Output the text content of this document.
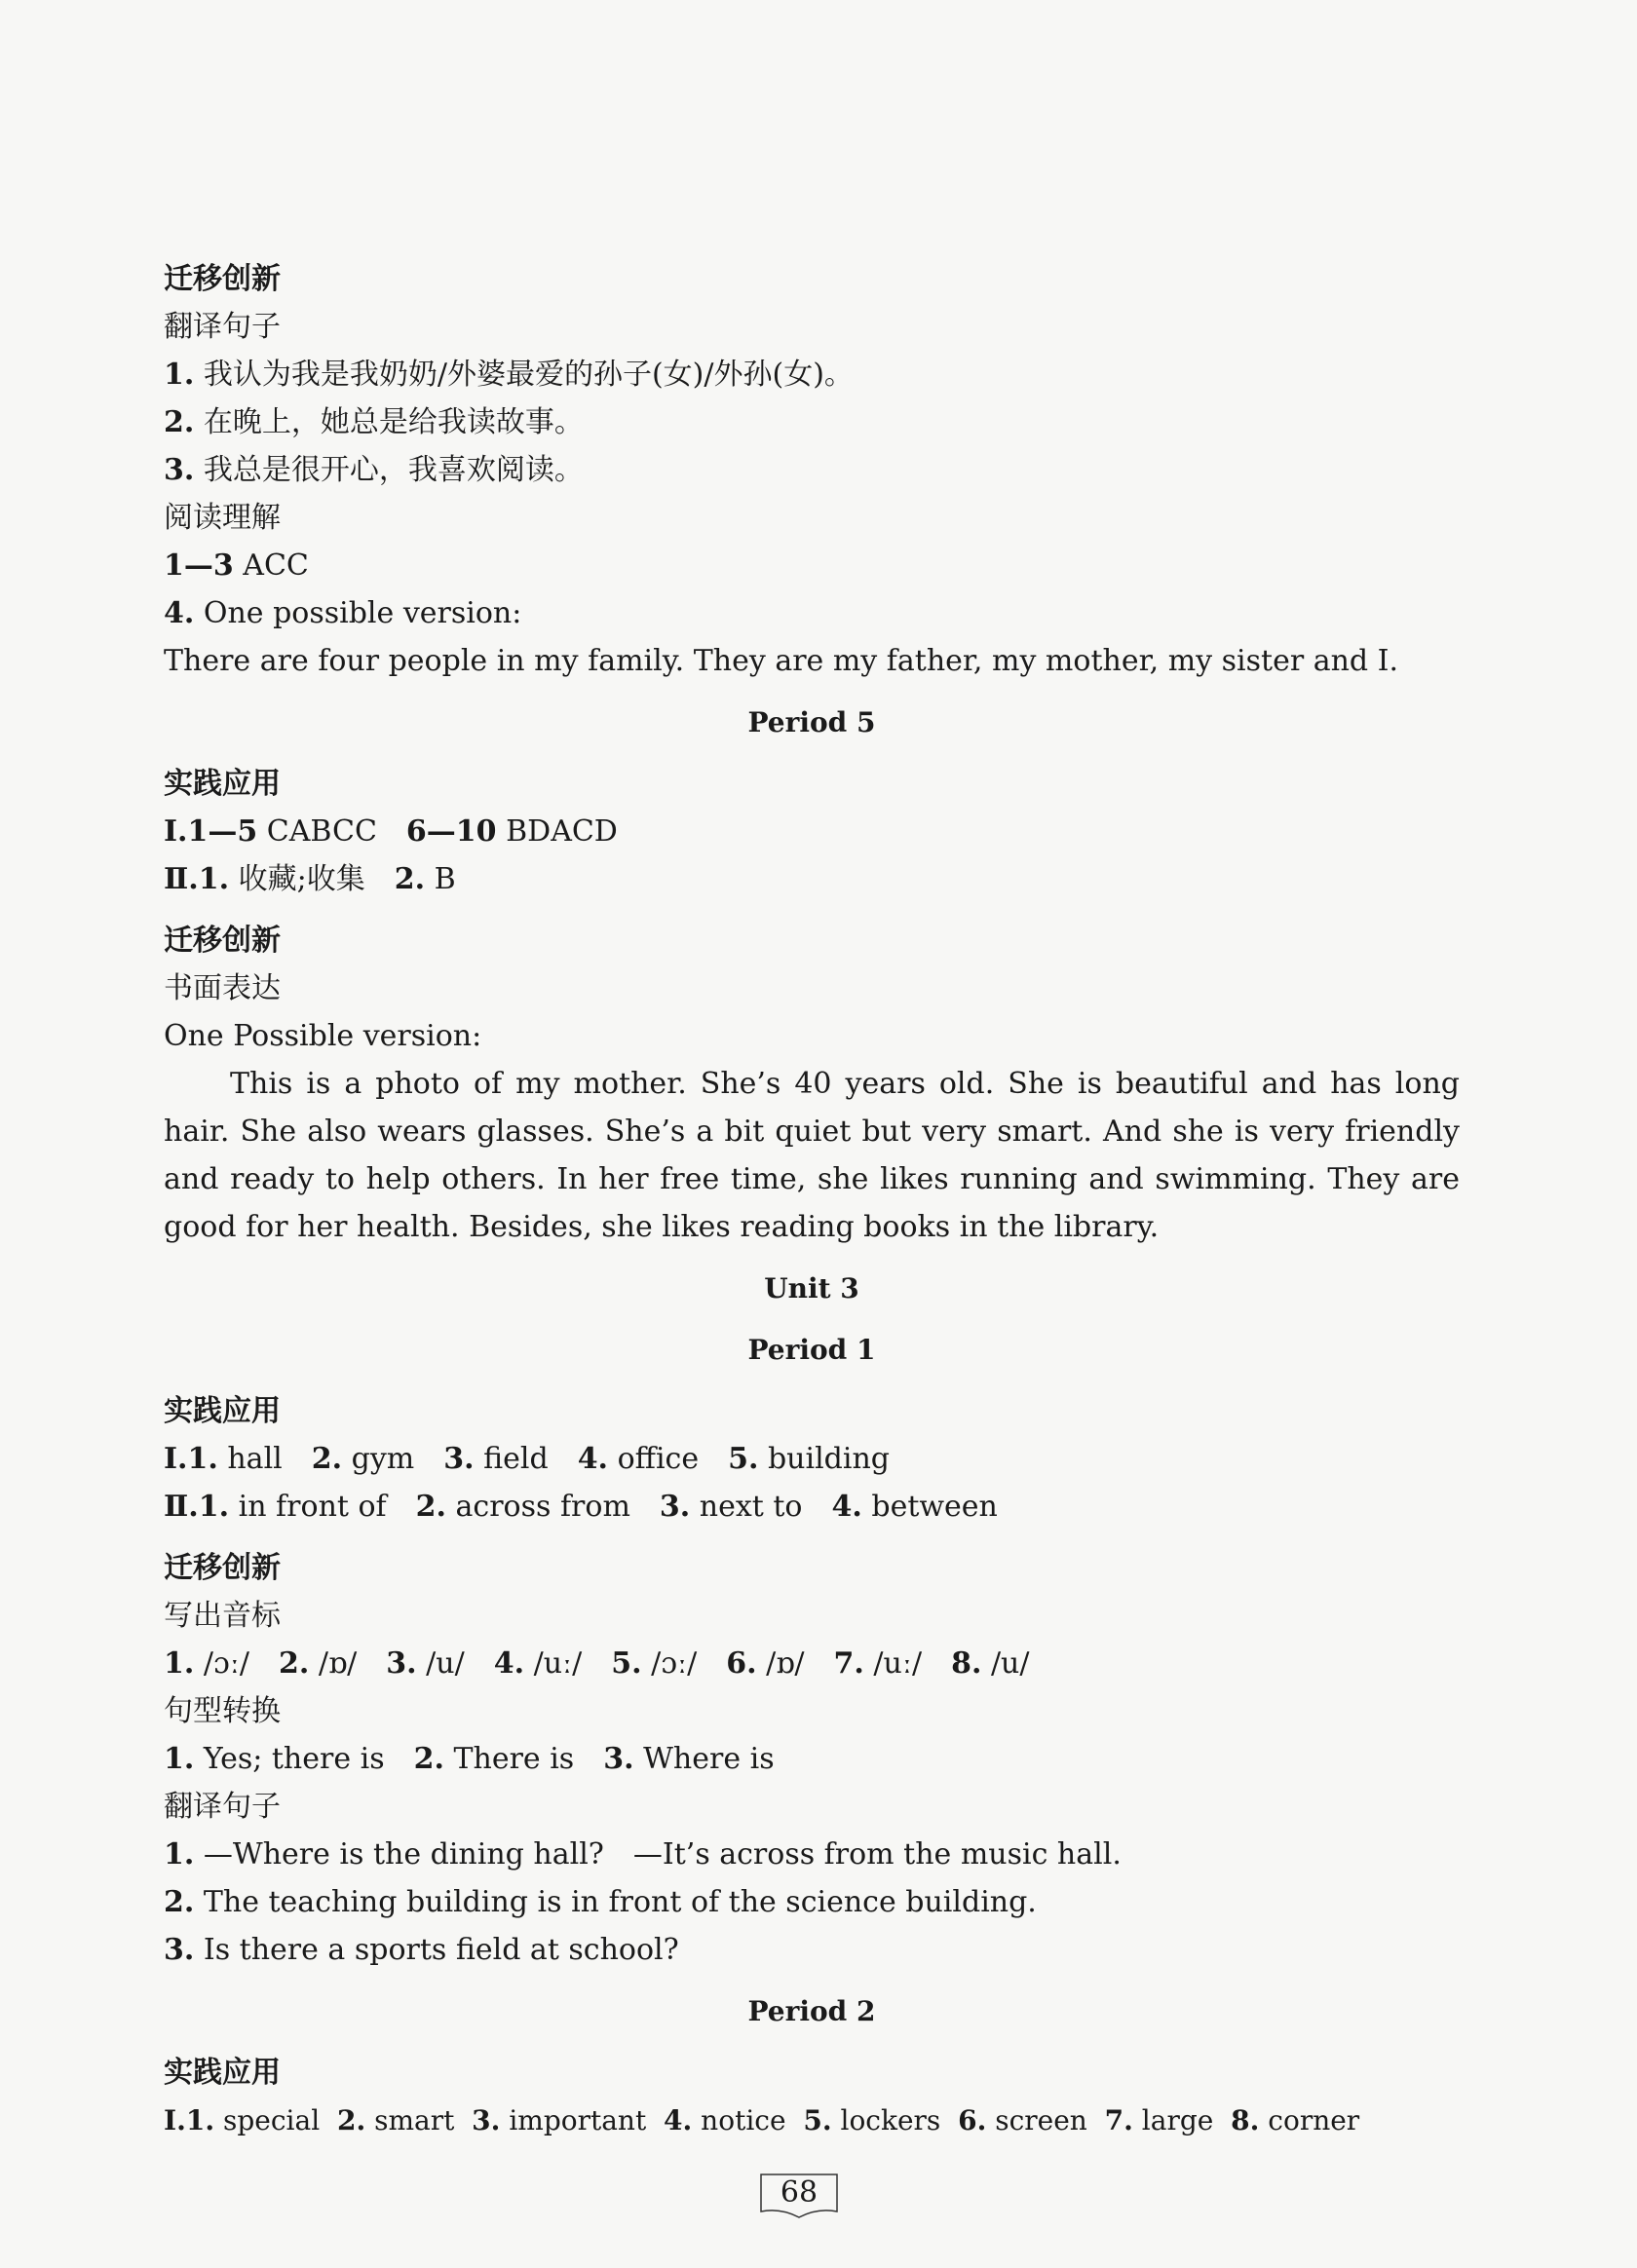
迁移创新
翻译句子
1. 我认为我是我奶奶/外婆最爱的孙子(女)/外孙(女)。
2. 在晚上，她总是给我读故事。
3. 我总是很开心，我喜欢阅读。
阅读理解
1—3 ACC
4. One possible version:
There are four people in my family. They are my father, my mother, my sister and I.
Period 5
实践应用
Ⅰ.1—5 CABCC 6—10 BDACD
Ⅱ.1. 收藏;收集 2. B
迁移创新
书面表达
One Possible version:
This is a photo of my mother. She’s 40 years old. She is beautiful and has long hair. She also wears glasses. She’s a bit quiet but very smart. And she is very friendly and ready to help others. In her free time, she likes running and swimming. They are good for her health. Besides, she likes reading books in the library.
Unit 3
Period 1
实践应用
Ⅰ.1. hall 2. gym 3. field 4. office 5. building
Ⅱ.1. in front of 2. across from 3. next to 4. between
迁移创新
写出音标
1. /ɔː/ 2. /ɒ/ 3. /u/ 4. /uː/ 5. /ɔː/ 6. /ɒ/ 7. /uː/ 8. /u/
句型转换
1. Yes; there is 2. There is 3. Where is
翻译句子
1. —Where is the dining hall? —It’s across from the music hall.
2. The teaching building is in front of the science building.
3. Is there a sports field at school?
Period 2
实践应用
Ⅰ.1. special 2. smart 3. important 4. notice 5. lockers 6. screen 7. large 8. corner
68
